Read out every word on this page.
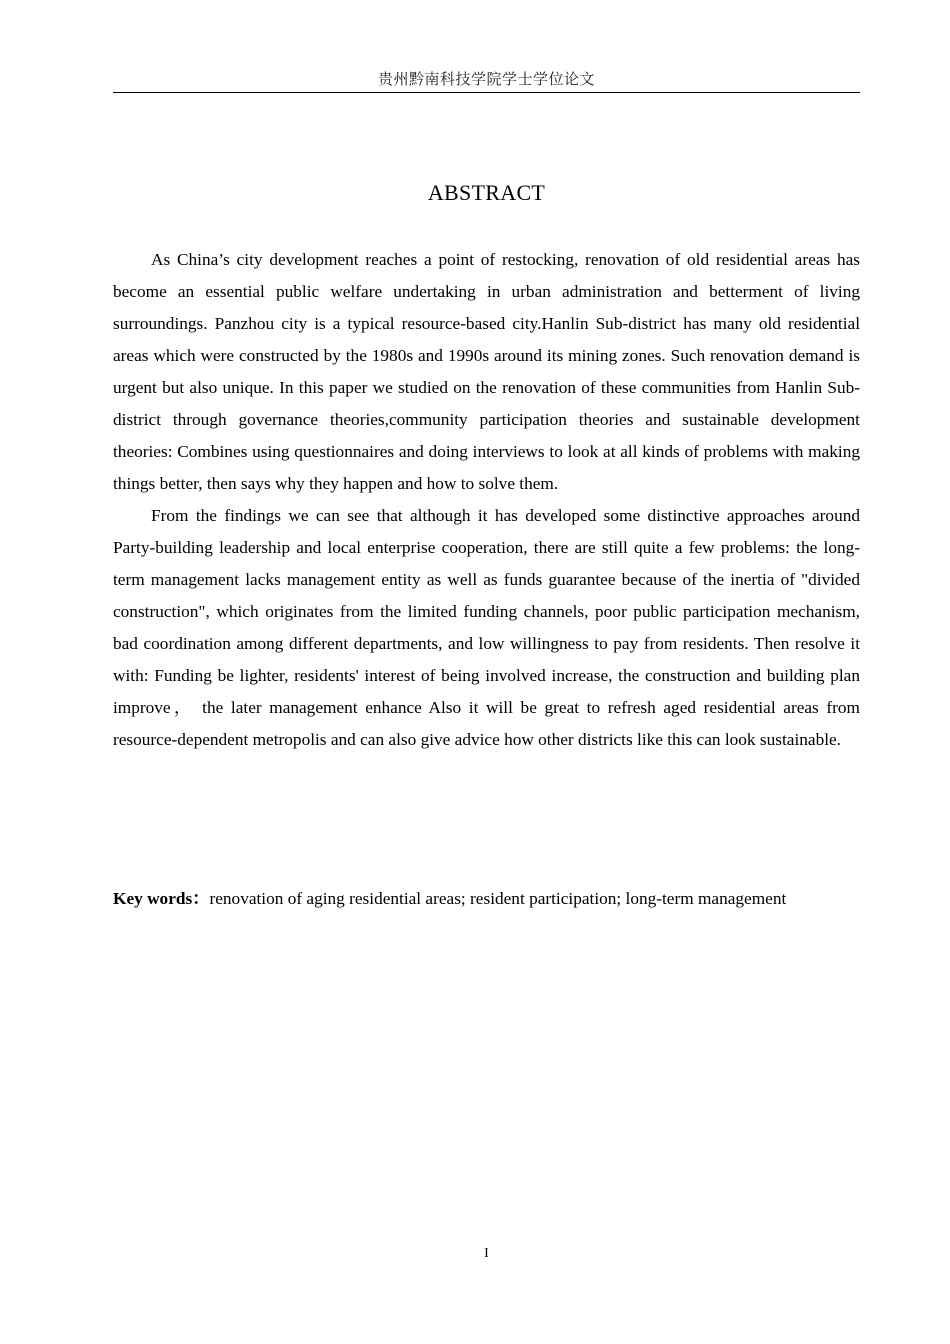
贵州黔南科技学院学士学位论文
ABSTRACT

As China’s city development reaches a point of restocking, renovation of old residential areas has become an essential public welfare undertaking in urban administration and betterment of living surroundings. Panzhou city is a typical resource-based city.Hanlin Sub-district has many old residential areas which were constructed by the 1980s and 1990s around its mining zones. Such renovation demand is urgent but also unique. In this paper we studied on the renovation of these communities from Hanlin Sub-district through governance theories,community participation theories and sustainable development theories: Combines using questionnaires and doing interviews to look at all kinds of problems with making things better, then says why they happen and how to solve them.

From the findings we can see that although it has developed some distinctive approaches around Party-building leadership and local enterprise cooperation, there are still quite a few problems: the long-term management lacks management entity as well as funds guarantee because of the inertia of "divided construction", which originates from the limited funding channels, poor public participation mechanism, bad coordination among different departments, and low willingness to pay from residents. Then resolve it with: Funding be lighter, residents' interest of being involved increase, the construction and building plan improve， the later management enhance Also it will be great to refresh aged residential areas from resource-dependent metropolis and can also give advice how other districts like this can look sustainable.

Key words：renovation of aging residential areas; resident participation; long-term management
I
